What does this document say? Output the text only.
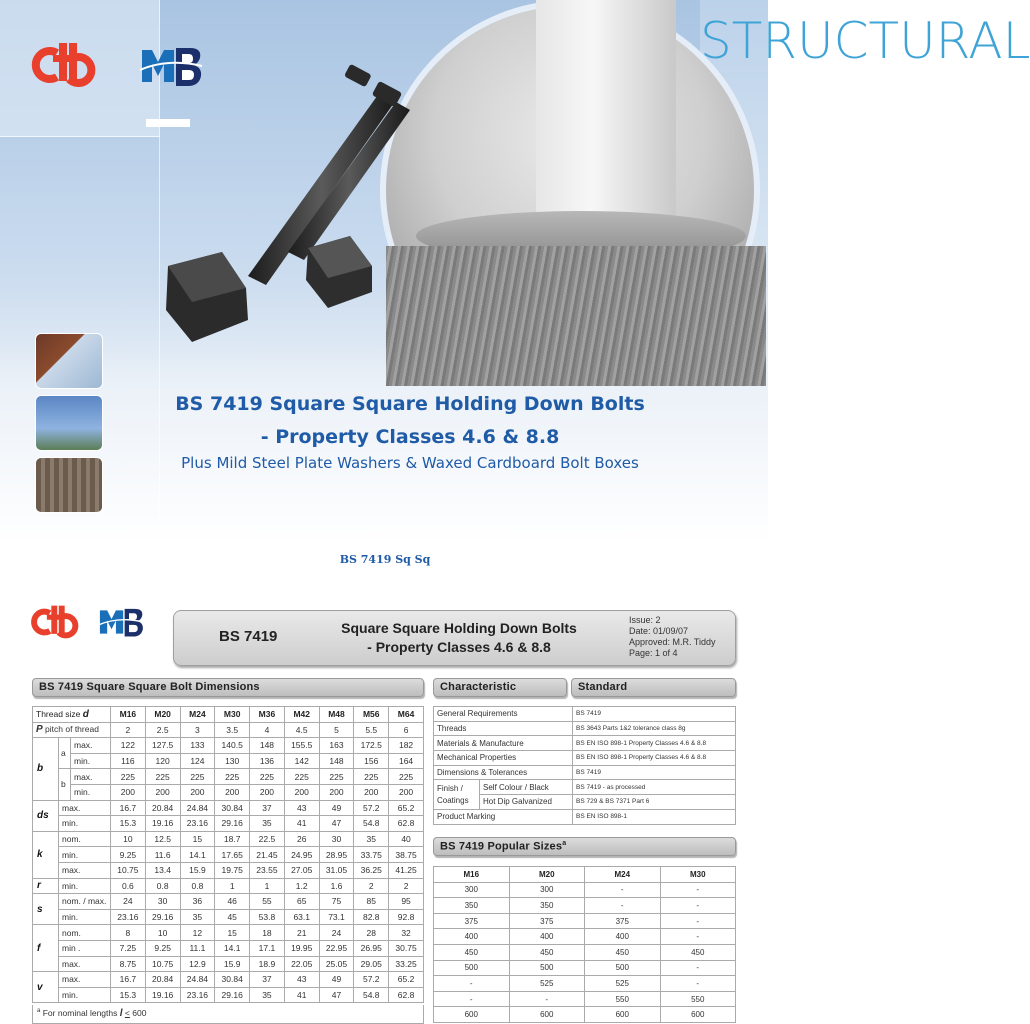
STRUCTURAL
BS 7419 Square Square Holding Down Bolts
- Property Classes 4.6 & 8.8
Plus Mild Steel Plate Washers & Waxed Cardboard Bolt Boxes
BS 7419 Sq Sq
BS 7419	Square Square Holding Down Bolts
- Property Classes 4.6 & 8.8
Issue: 2
Date: 01/09/07
Approved: M.R. Tiddy
Page: 1 of 4
BS 7419 Square Square Bolt Dimensions	Characteristic	Standard
BS 7419 Popular Sizes$^a$
Thread size d			M16	M20	M24	M30	M36	M42	M48	M56	M64
P pitch of thread			2	2.5	3	3.5	4	4.5	5	5.5	6
b	a	max.	122	127.5	133	140.5	148	155.5	163	172.5	182
		min.	116	120	124	130	136	142	148	156	164
	b	max.	225	225	225	225	225	225	225	225	225
		min.	200	200	200	200	200	200	200	200	200
ds	max.		16.7	20.84	24.84	30.84	37	43	49	57.2	65.2
	min.		15.3	19.16	23.16	29.16	35	41	47	54.8	62.8
k	nom.		10	12.5	15	18.7	22.5	26	30	35	40
	min.		9.25	11.6	14.1	17.65	21.45	24.95	28.95	33.75	38.75
	max.		10.75	13.4	15.9	19.75	23.55	27.05	31.05	36.25	41.25
r	min.		0.6	0.8	0.8	1	1	1.2	1.6	2	2
s	nom. / max.		24	30	36	46	55	65	75	85	95
	min.		23.16	29.16	35	45	53.8	63.1	73.1	82.8	92.8
f	nom.		8	10	12	15	18	21	24	28	32
	min .		7.25	9.25	11.1	14.1	17.1	19.95	22.95	26.95	30.75
	max.		8.75	10.75	12.9	15.9	18.9	22.05	25.05	29.05	33.25
v	max.		16.7	20.84	24.84	30.84	37	43	49	57.2	65.2
	min.		15.3	19.16	23.16	29.16	35	41	47	54.8	62.8
$^a$ For nominal lengths l < 600
General Requirements		BS 7419
Threads		BS 3643 Parts 1&2 tolerance class 8g
Materials & Manufacture		BS EN ISO 898-1 Property Classes 4.6 & 8.8
Mechanical Properties		BS EN ISO 898-1 Property Classes 4.6 & 8.8
Dimensions & Tolerances		BS 7419
Finish / Coatings	Self Colour / Black	BS 7419 - as processed
	Hot Dip Galvanized	BS 729 & BS 7371 Part 6
Product Marking		BS EN ISO 898-1
M16	M20	M24	M30
300	300	-	-
350	350	-	-
375	375	375	-
400	400	400	-
450	450	450	450
500	500	500	-
-	525	525	-
-	-	550	550
600	600	600	600
